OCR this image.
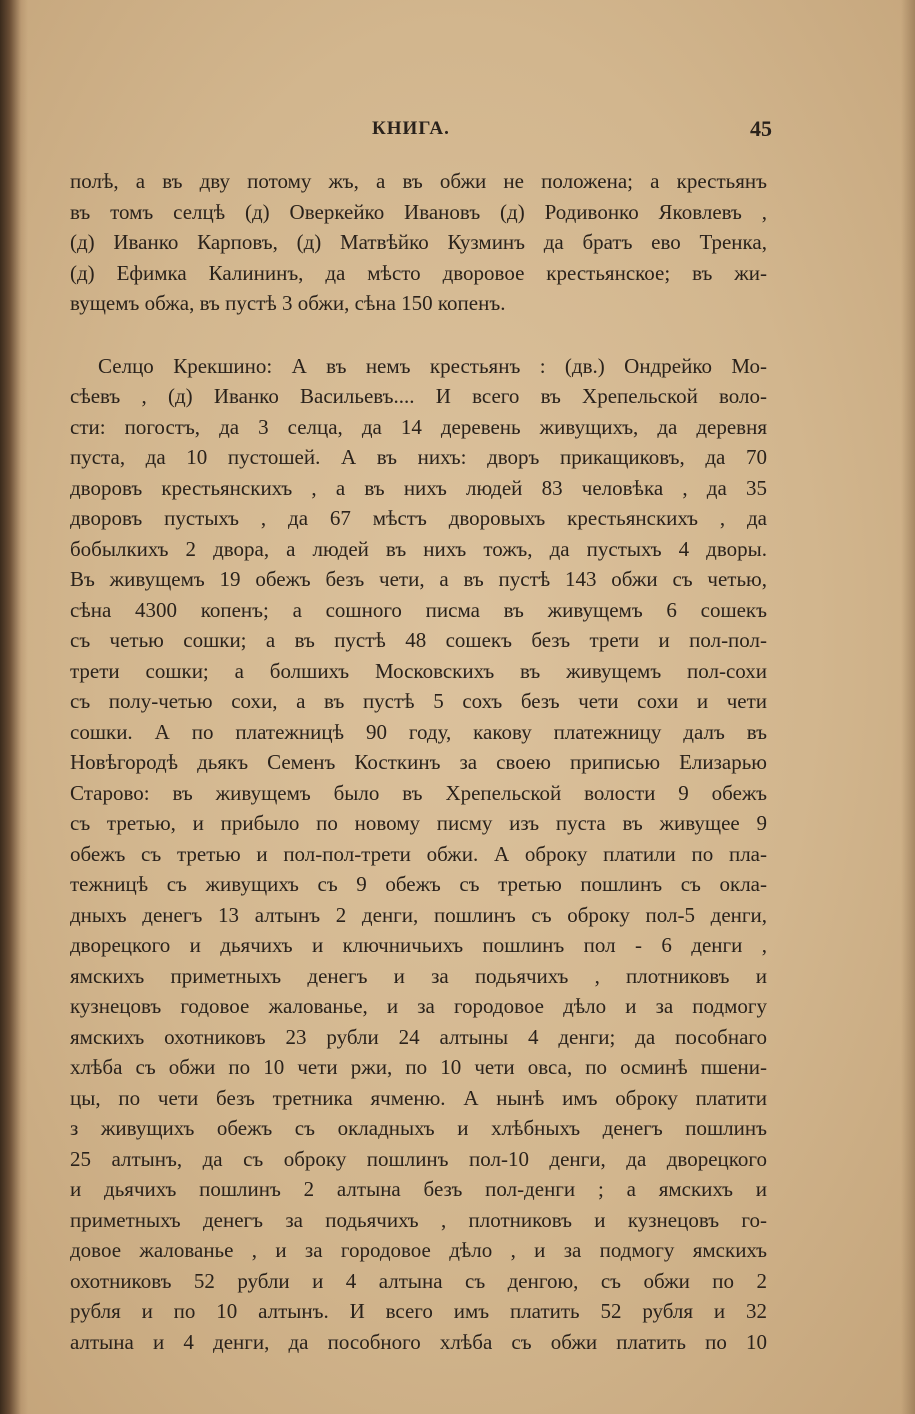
КНИГА.	45
полѣ, а въ дву потому жъ, а въ обжи не положена; а крестьянъ
въ томъ селцѣ (д) Оверкейко Ивановъ (д) Родивонко Яковлевъ ,
(д) Иванко Карповъ, (д) Матвѣйко Кузминъ да братъ ево Тренка,
(д) Ефимка Калининъ, да мѣсто дворовое крестьянское; въ жи-
вущемъ обжа, въ пустѣ 3 обжи, сѣна 150 копенъ.
Селцо Крекшино: А въ немъ крестьянъ : (дв.) Ондрейко Мо-
сѣевъ , (д) Иванко Васильевъ.... И всего въ Хрепельской воло-
сти: погостъ, да 3 селца, да 14 деревень живущихъ, да деревня
пуста, да 10 пустошей. А въ нихъ: дворъ прикащиковъ, да 70
дворовъ крестьянскихъ , а въ нихъ людей 83 человѣка , да 35
дворовъ пустыхъ , да 67 мѣстъ дворовыхъ крестьянскихъ , да
бобылкихъ 2 двора, а людей въ нихъ тожъ, да пустыхъ 4 дворы.
Въ живущемъ 19 обежъ безъ чети, а въ пустѣ 143 обжи съ четью,
сѣна 4300 копенъ; а сошного писма въ живущемъ 6 сошекъ
съ четью сошки; а въ пустѣ 48 сошекъ безъ трети и пол-пол-
трети сошки; а болшихъ Московскихъ въ живущемъ пол-сохи
съ полу-четью сохи, а въ пустѣ 5 сохъ безъ чети сохи и чети
сошки. А по платежницѣ 90 году, какову платежницу далъ въ
Новѣгородѣ дьякъ Семенъ Косткинъ за своею приписью Елизарью
Старово: въ живущемъ было въ Хрепельской волости 9 обежъ
съ третью, и прибыло по новому писму изъ пуста въ живущее 9
обежъ съ третью и пол-пол-трети обжи. А оброку платили по пла-
тежницѣ съ живущихъ съ 9 обежъ съ третью пошлинъ съ окла-
дныхъ денегъ 13 алтынъ 2 денги, пошлинъ съ оброку пол-5 денги,
дворецкого и дьячихъ и ключничьихъ пошлинъ пол - 6 денги ,
ямскихъ приметныхъ денегъ и за подьячихъ , плотниковъ и
кузнецовъ годовое жалованье, и за городовое дѣло и за подмогу
ямскихъ охотниковъ 23 рубли 24 алтыны 4 денги; да пособнаго
хлѣба съ обжи по 10 чети ржи, по 10 чети овса, по осминѣ пшени-
цы, по чети безъ третника ячменю. А нынѣ имъ оброку платити
з живущихъ обежъ съ окладныхъ и хлѣбныхъ денегъ пошлинъ
25 алтынъ, да съ оброку пошлинъ пол-10 денги, да дворецкого
и дьячихъ пошлинъ 2 алтына безъ пол-денги ; а ямскихъ и
приметныхъ денегъ за подьячихъ , плотниковъ и кузнецовъ го-
довое жалованье , и за городовое дѣло , и за подмогу ямскихъ
охотниковъ 52 рубли и 4 алтына съ денгою, съ обжи по 2
рубля и по 10 алтынъ. И всего имъ платить 52 рубля и 32
алтына и 4 денги, да пособного хлѣба съ обжи платить по 10
